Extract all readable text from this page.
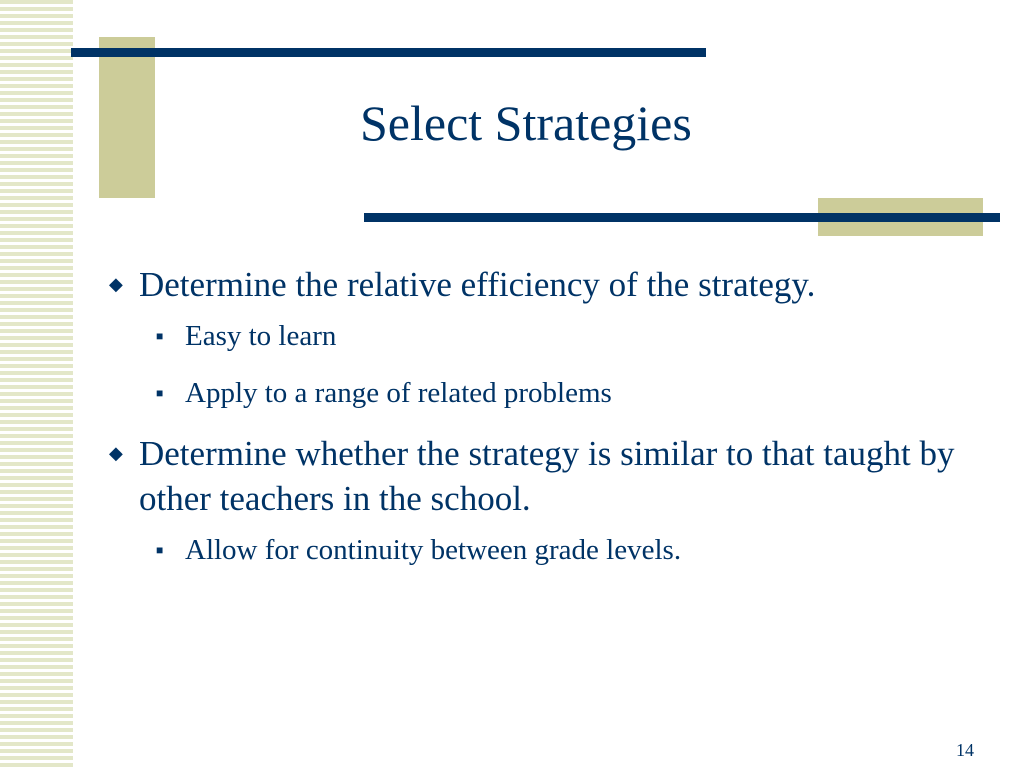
Select Strategies
◆ Determine the relative efficiency of the strategy.
■ Easy to learn
■ Apply to a range of related problems
◆ Determine whether the strategy is similar to that taught by other teachers in the school.
■ Allow for continuity between grade levels.
14
